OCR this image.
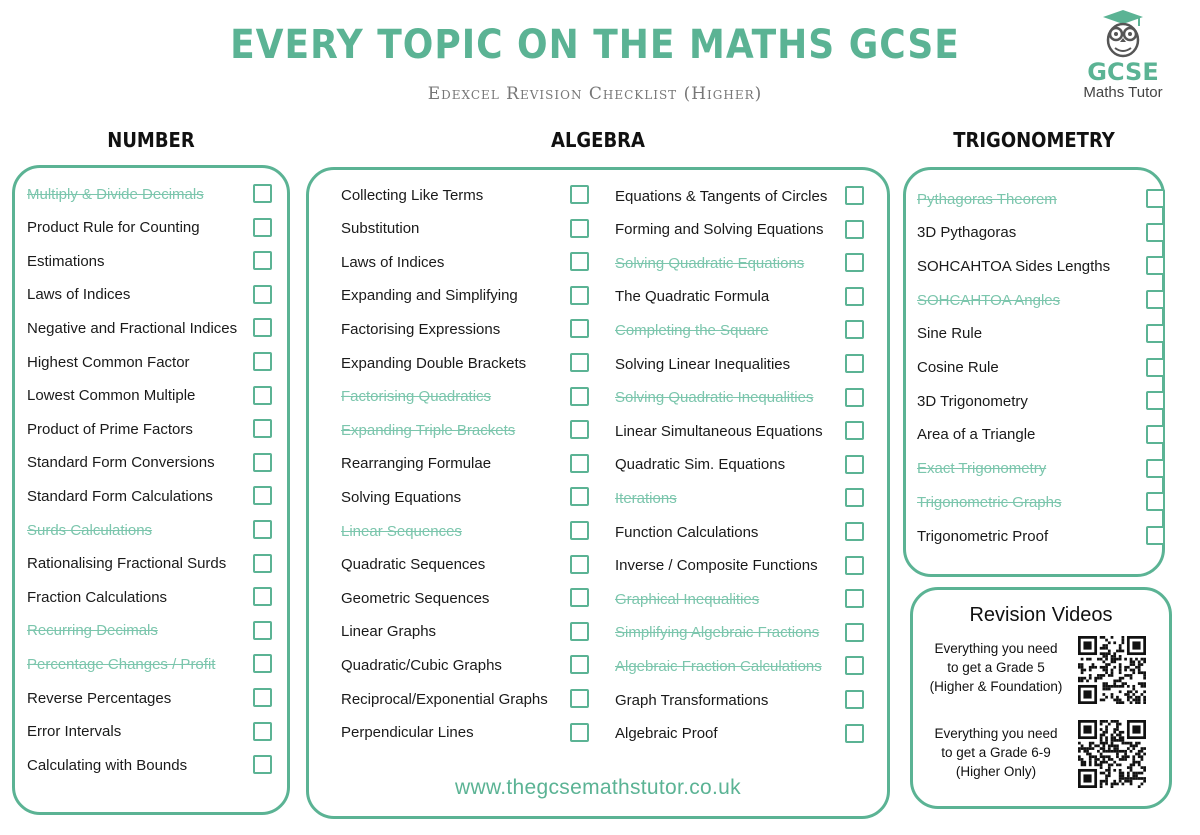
EVERY TOPIC ON THE MATHS GCSE
Edexcel Revision Checklist (Higher)
GCSE
Maths Tutor
NUMBER	ALGEBRA	TRIGONOMETRY
Multiply & Divide Decimals
Product Rule for Counting
Estimations
Laws of Indices
Negative and Fractional Indices
Highest Common Factor
Lowest Common Multiple
Product of Prime Factors
Standard Form Conversions
Standard Form Calculations
Surds Calculations
Rationalising Fractional Surds
Fraction Calculations
Recurring Decimals
Percentage Changes / Profit
Reverse Percentages
Error Intervals
Calculating with Bounds
Collecting Like Terms
Substitution
Laws of Indices
Expanding and Simplifying
Factorising Expressions
Expanding Double Brackets
Factorising Quadratics
Expanding Triple Brackets
Rearranging Formulae
Solving Equations
Linear Sequences
Quadratic Sequences
Geometric Sequences
Linear Graphs
Quadratic/Cubic Graphs
Reciprocal/Exponential Graphs
Perpendicular Lines
Equations & Tangents of Circles
Forming and Solving Equations
Solving Quadratic Equations
The Quadratic Formula
Completing the Square
Solving Linear Inequalities
Solving Quadratic Inequalities
Linear Simultaneous Equations
Quadratic Sim. Equations
Iterations
Function Calculations
Inverse / Composite Functions
Graphical Inequalities
Simplifying Algebraic Fractions
Algebraic Fraction Calculations
Graph Transformations
Algebraic Proof
Pythagoras Theorem
3D Pythagoras
SOHCAHTOA Sides Lengths
SOHCAHTOA Angles
Sine Rule
Cosine Rule
3D Trigonometry
Area of a Triangle
Exact Trigonometry
Trigonometric Graphs
Trigonometric Proof
www.thegcsemathstutor.co.uk
Revision Videos
Everything you need
to get a Grade 5
(Higher & Foundation)
Everything you need
to get a Grade 6-9
(Higher Only)
